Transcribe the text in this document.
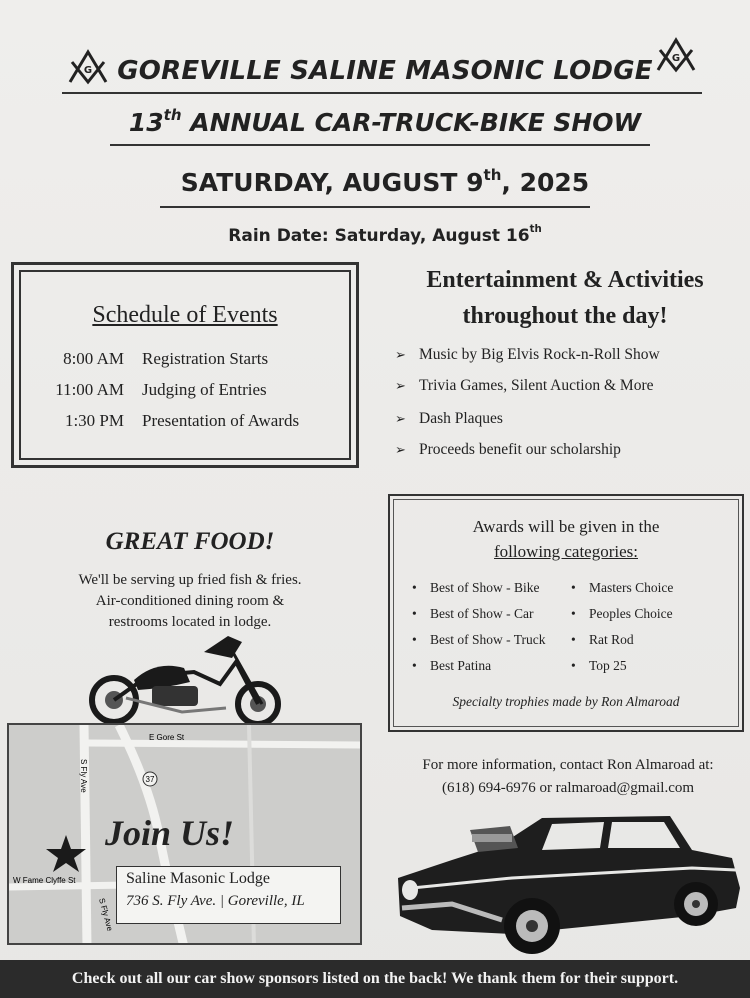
G
G
GOREVILLE SALINE MASONIC LODGE
13th ANNUAL CAR-TRUCK-BIKE SHOW
SATURDAY, AUGUST 9th, 2025
Rain Date: Saturday, August 16th
Schedule of Events
8:00 AM Registration Starts
11:00 AM Judging of Entries
1:30 PM Presentation of Awards
Entertainment & Activities
throughout the day!
➢ Music by Big Elvis Rock-n-Roll Show
➢ Trivia Games, Silent Auction & More
➢ Dash Plaques
➢ Proceeds benefit our scholarship
GREAT FOOD!
We'll be serving up fried fish & fries.
Air-conditioned dining room &
restrooms located in lodge.
Awards will be given in the
following categories:
• Best of Show - Bike
• Best of Show - Car
• Best of Show - Truck
• Best Patina
• Masters Choice
• Peoples Choice
• Rat Rod
• Top 25
Specialty trophies made by Ron Almaroad
For more information, contact Ron Almaroad at:
(618) 694-6976 or ralmaroad@gmail.com
37
E Gore St
W Fame Clyffe St
S Fly Ave
S Fly Ave
Join Us!
Saline Masonic Lodge
736 S. Fly Ave. | Goreville, IL
Check out all our car show sponsors listed on the back! We thank them for their support.
